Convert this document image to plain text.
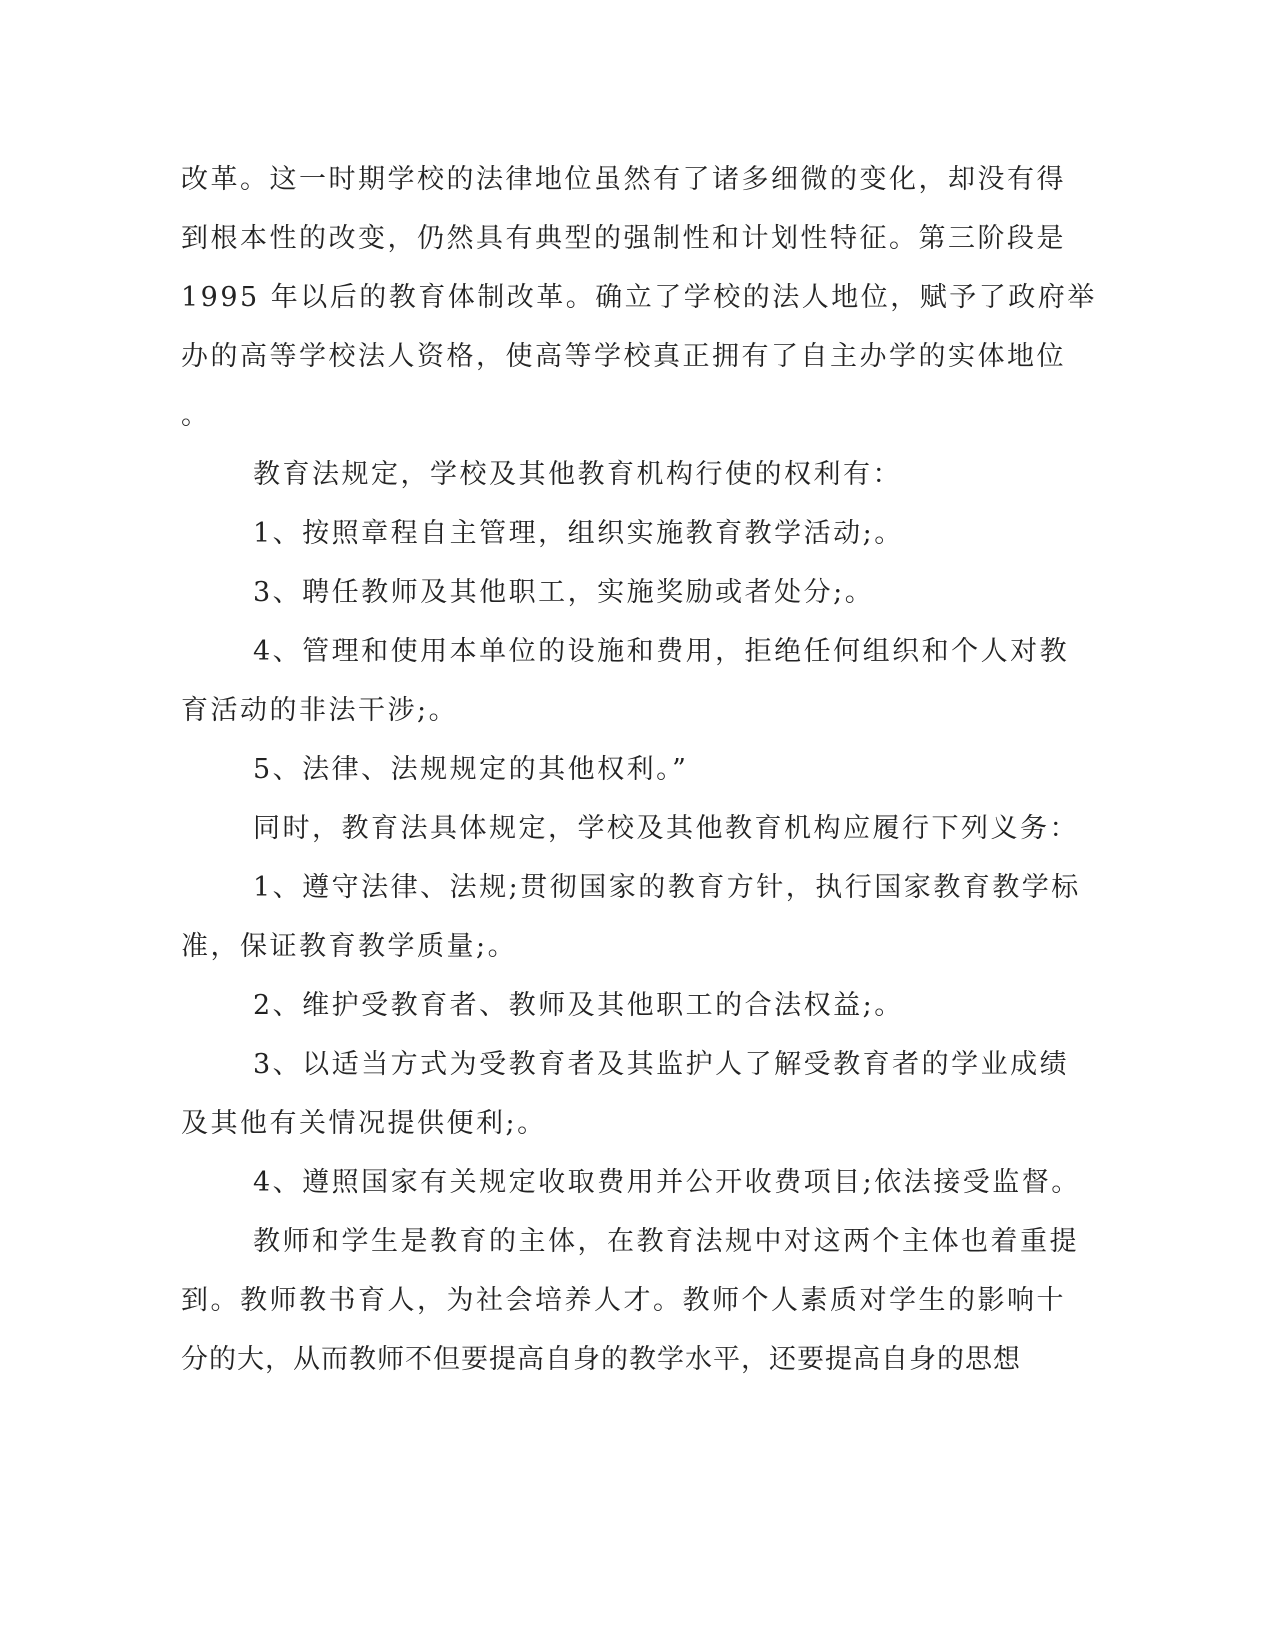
改革。这一时期学校的法律地位虽然有了诸多细微的变化，却没有得
到根本性的改变，仍然具有典型的强制性和计划性特征。第三阶段是
1995 年以后的教育体制改革。确立了学校的法人地位，赋予了政府举
办的高等学校法人资格，使高等学校真正拥有了自主办学的实体地位
。
教育法规定，学校及其他教育机构行使的权利有：
1、按照章程自主管理，组织实施教育教学活动;。
3、聘任教师及其他职工，实施奖励或者处分;。
4、管理和使用本单位的设施和费用，拒绝任何组织和个人对教
育活动的非法干涉;。
5、法律、法规规定的其他权利。”
同时，教育法具体规定，学校及其他教育机构应履行下列义务：
1、遵守法律、法规;贯彻国家的教育方针，执行国家教育教学标
准，保证教育教学质量;。
2、维护受教育者、教师及其他职工的合法权益;。
3、以适当方式为受教育者及其监护人了解受教育者的学业成绩
及其他有关情况提供便利;。
4、遵照国家有关规定收取费用并公开收费项目;依法接受监督。
教师和学生是教育的主体，在教育法规中对这两个主体也着重提
到。教师教书育人，为社会培养人才。教师个人素质对学生的影响十
分的大，从而教师不但要提高自身的教学水平，还要提高自身的思想
